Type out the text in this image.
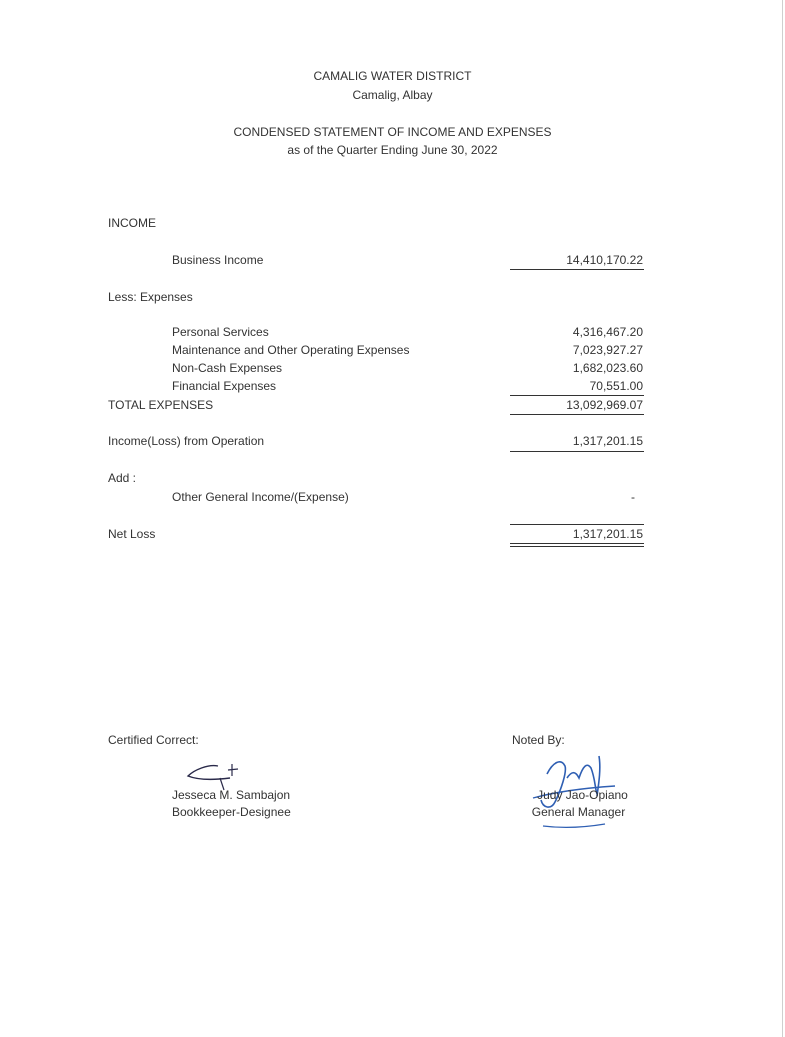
CAMALIG WATER DISTRICT
Camalig, Albay
CONDENSED STATEMENT OF INCOME AND EXPENSES
as of the Quarter Ending June 30, 2022
INCOME
Business Income	14,410,170.22
Less: Expenses
Personal Services	4,316,467.20
Maintenance and Other Operating Expenses	7,023,927.27
Non-Cash Expenses	1,682,023.60
Financial Expenses	70,551.00
TOTAL EXPENSES	13,092,969.07
Income(Loss) from Operation	1,317,201.15
Add :
Other General Income/(Expense)	-
Net Loss	1,317,201.15
Certified Correct:	Noted By:
Jesseca M. Sambajon
Bookkeeper-Designee
Judy Jao-Opiano
General Manager
